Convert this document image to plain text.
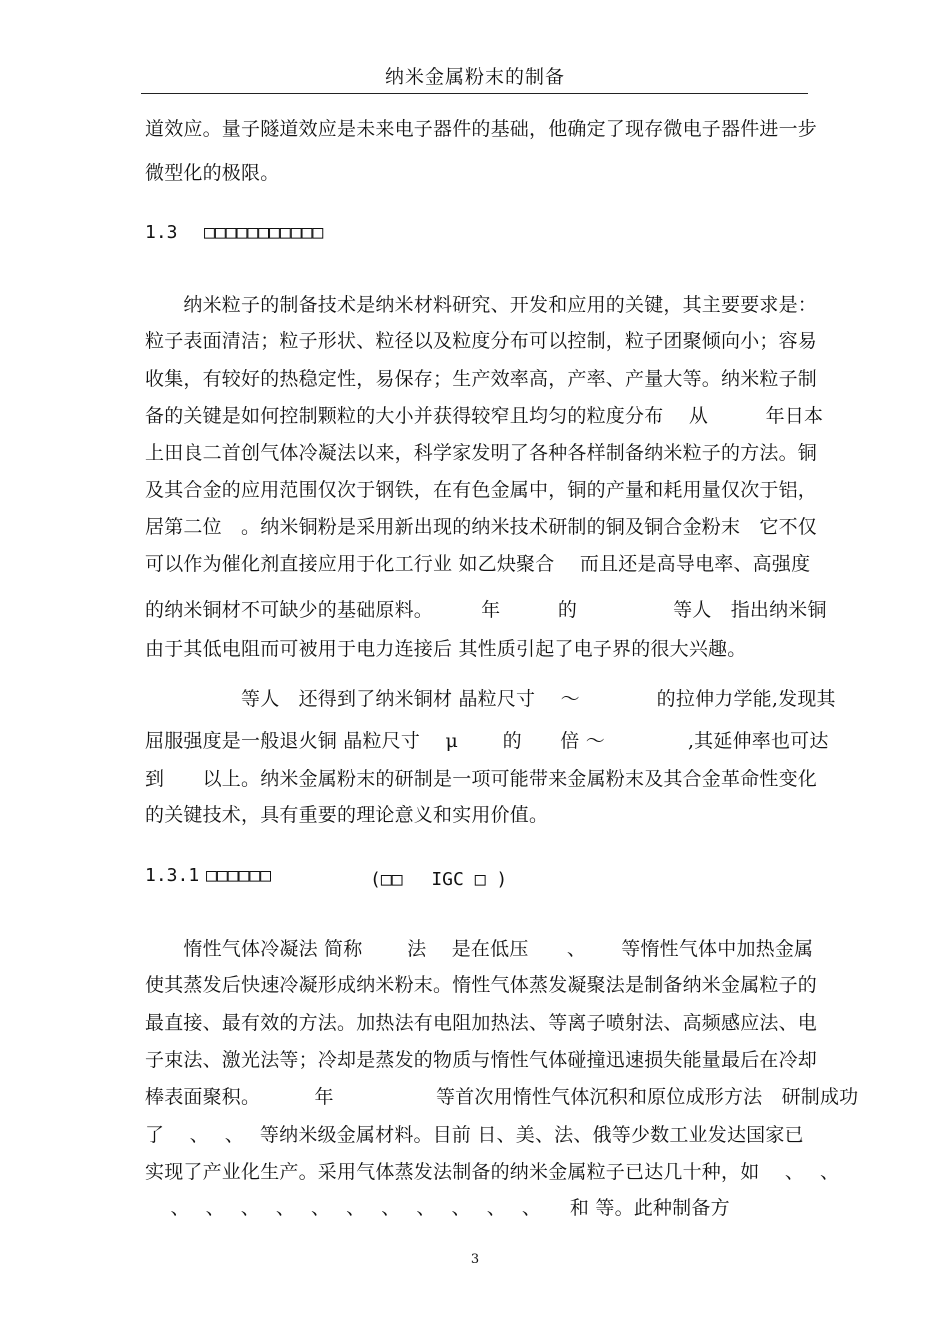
纳米金属粉末的制备
道效应。量子隧道效应是未来电子器件的基础，他确定了现存微电子器件进一步
微型化的极限。
1.3 □□□□□□□□□□□
　　纳米粒子的制备技术是纳米材料研究、开发和应用的关键，其主要要求是：
粒子表面清洁；粒子形状、粒径以及粒度分布可以控制，粒子团聚倾向小；容易
收集，有较好的热稳定性，易保存；生产效率高，产率、产量大等。纳米粒子制
备的关键是如何控制颗粒的大小并获得较窄且均匀的粒度分布　 从　　　年日本
上田良二首创气体冷凝法以来，科学家发明了各种各样制备纳米粒子的方法。铜
及其合金的应用范围仅次于钢铁，在有色金属中，铜的产量和耗用量仅次于铝，
居第二位　。纳米铜粉是采用新出现的纳米技术研制的铜及铜合金粉末　它不仅
可以作为催化剂直接应用于化工行业 如乙炔聚合　 而且还是高导电率、高强度
的纳米铜材不可缺少的基础原料。　　　年　　　的　　　　　等人　指出纳米铜
由于其低电阻而可被用于电力连接后 其性质引起了电子界的很大兴趣。
　　　　　等人　还得到了纳米铜材 晶粒尺寸　 ～　　　　的拉伸力学能,发现其
屈服强度是一般退火铜 晶粒尺寸　 μ　　 的　　倍 ～　　　　 ,其延伸率也可达
到　　以上。纳米金属粉末的研制是一项可能带来金属粉末及其合金革命性变化
的关键技术，具有重要的理论意义和实用价值。
1.3.1 □□□□□□	(□□　 IGC □ )
　　惰性气体冷凝法 简称　　 法　 是在低压　　、　　 等惰性气体中加热金属
使其蒸发后快速冷凝形成纳米粉末。惰性气体蒸发凝聚法是制备纳米金属粒子的
最直接、最有效的方法。加热法有电阻加热法、等离子喷射法、高频感应法、电
子束法、激光法等；冷却是蒸发的物质与惰性气体碰撞迅速损失能量最后在冷却
棒表面聚积。　　　 年　　　　　 等首次用惰性气体沉积和原位成形方法　研制成功
了　 、　 、　 等纳米级金属材料。目前 日、美、法、俄等少数工业发达国家已
实现了产业化生产。采用气体蒸发法制备的纳米金属粒子已达几十种，如　 、　 、
　 、　 、　 、　 、　 、　 、　 、　 、　 、　 、　 、　　和 等。此种制备方
3
